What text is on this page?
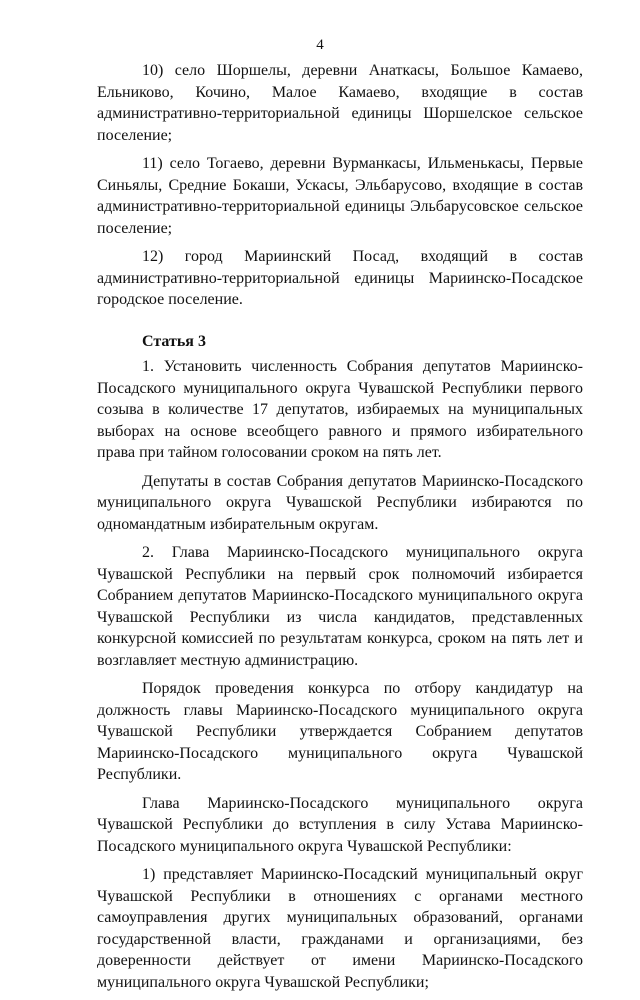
4

10) село Шоршелы, деревни Анаткасы, Большое Камаево, Ельниково, Кочино, Малое Камаево, входящие в состав административно-территориальной единицы Шоршелское сельское поселение;

11) село Тогаево, деревни Вурманкасы, Ильменькасы, Первые Синьялы, Средние Бокаши, Ускасы, Эльбарусово, входящие в состав административно-территориальной единицы Эльбарусовское сельское поселение;

12) город Мариинский Посад, входящий в состав административно-территориальной единицы Мариинско-Посадское городское поселение.

Статья 3

1. Установить численность Собрания депутатов Мариинско-Посадского муниципального округа Чувашской Республики первого созыва в количестве 17 депутатов, избираемых на муниципальных выборах на основе всеобщего равного и прямого избирательного права при тайном голосовании сроком на пять лет.

Депутаты в состав Собрания депутатов Мариинско-Посадского муниципального округа Чувашской Республики избираются по одномандатным избирательным округам.

2. Глава Мариинско-Посадского муниципального округа Чувашской Республики на первый срок полномочий избирается Собранием депутатов Мариинско-Посадского муниципального округа Чувашской Республики из числа кандидатов, представленных конкурсной комиссией по результатам конкурса, сроком на пять лет и возглавляет местную администрацию.

Порядок проведения конкурса по отбору кандидатур на должность главы Мариинско-Посадского муниципального округа Чувашской Республики утверждается Собранием депутатов Мариинско-Посадского муниципального округа Чувашской Республики.

Глава Мариинско-Посадского муниципального округа Чувашской Республики до вступления в силу Устава Мариинско-Посадского муниципального округа Чувашской Республики:

1) представляет Мариинско-Посадский муниципальный округ Чувашской Республики в отношениях с органами местного самоуправления других муниципальных образований, органами государственной власти, гражданами и организациями, без доверенности действует от имени Мариинско-Посадского муниципального округа Чувашской Республики;
